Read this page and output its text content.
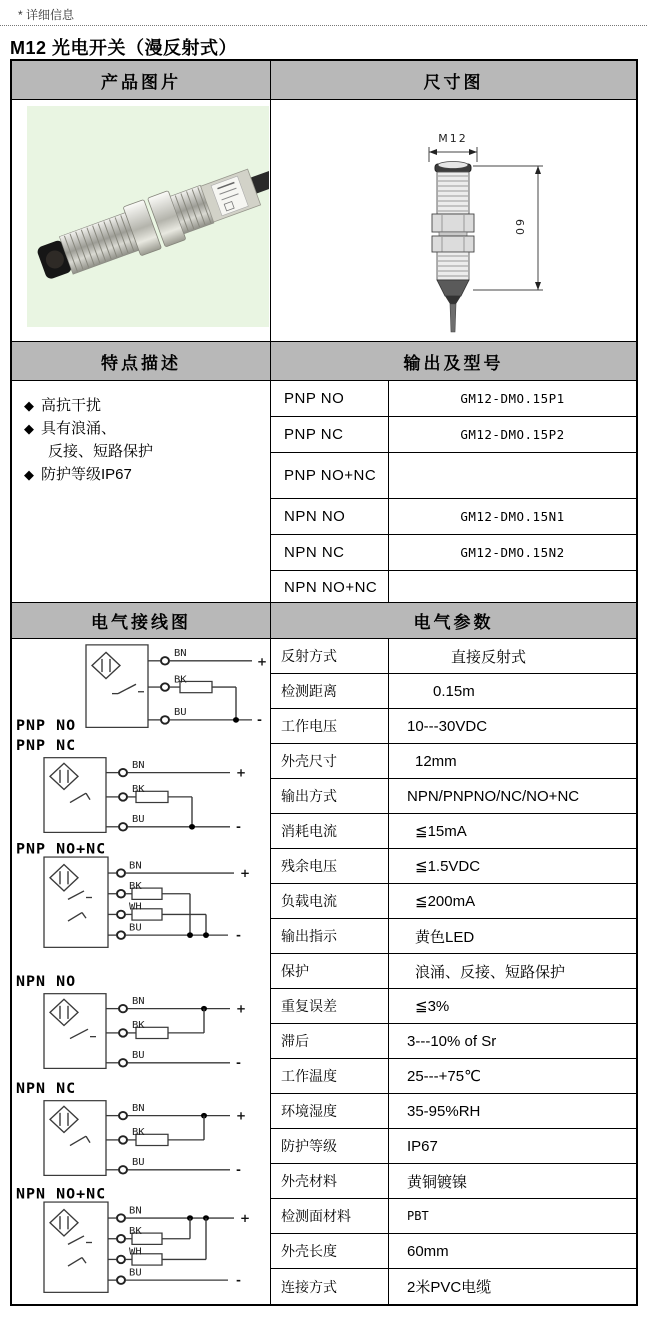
* 详细信息
M12 光电开关（漫反射式）
产品图片	尺寸图
M12
60
特点描述	输出及型号
◆ 高抗干扰
◆ 具有浪涌、
反接、短路保护
◆ 防护等级IP67
PNP NO	GM12-DMO.15P1
PNP NC	GM12-DMO.15P2
PNP NO+NC
NPN NO	GM12-DMO.15N1
NPN NC	GM12-DMO.15N2
NPN NO+NC
电气接线图	电气参数
BN
+
BK
BU
-
PNP NO
PNP NC
BN
+
BK
BU
-
PNP NO+NC
BN
+
BK
WH
BU
-
NPN NO
BN
+
BK
BU
-
NPN NC
BN
+
BK
BU
-
NPN NO+NC
BN
+
BK
WH
BU
-
反射方式	直接反射式
检测距离	0.15m
工作电压	10---30VDC
外壳尺寸	12mm
输出方式	NPN/PNPNO/NC/NO+NC
消耗电流	≦15mA
残余电压	≦1.5VDC
负载电流	≦200mA
输出指示	黄色LED
保护	浪涌、反接、短路保护
重复误差	≦3%
滞后	3---10% of Sr
工作温度	25---+75℃
环境湿度	35-95%RH
防护等级	IP67
外壳材料	黄铜镀镍
检测面材料	PBT
外壳长度	60mm
连接方式	2米PVC电缆
